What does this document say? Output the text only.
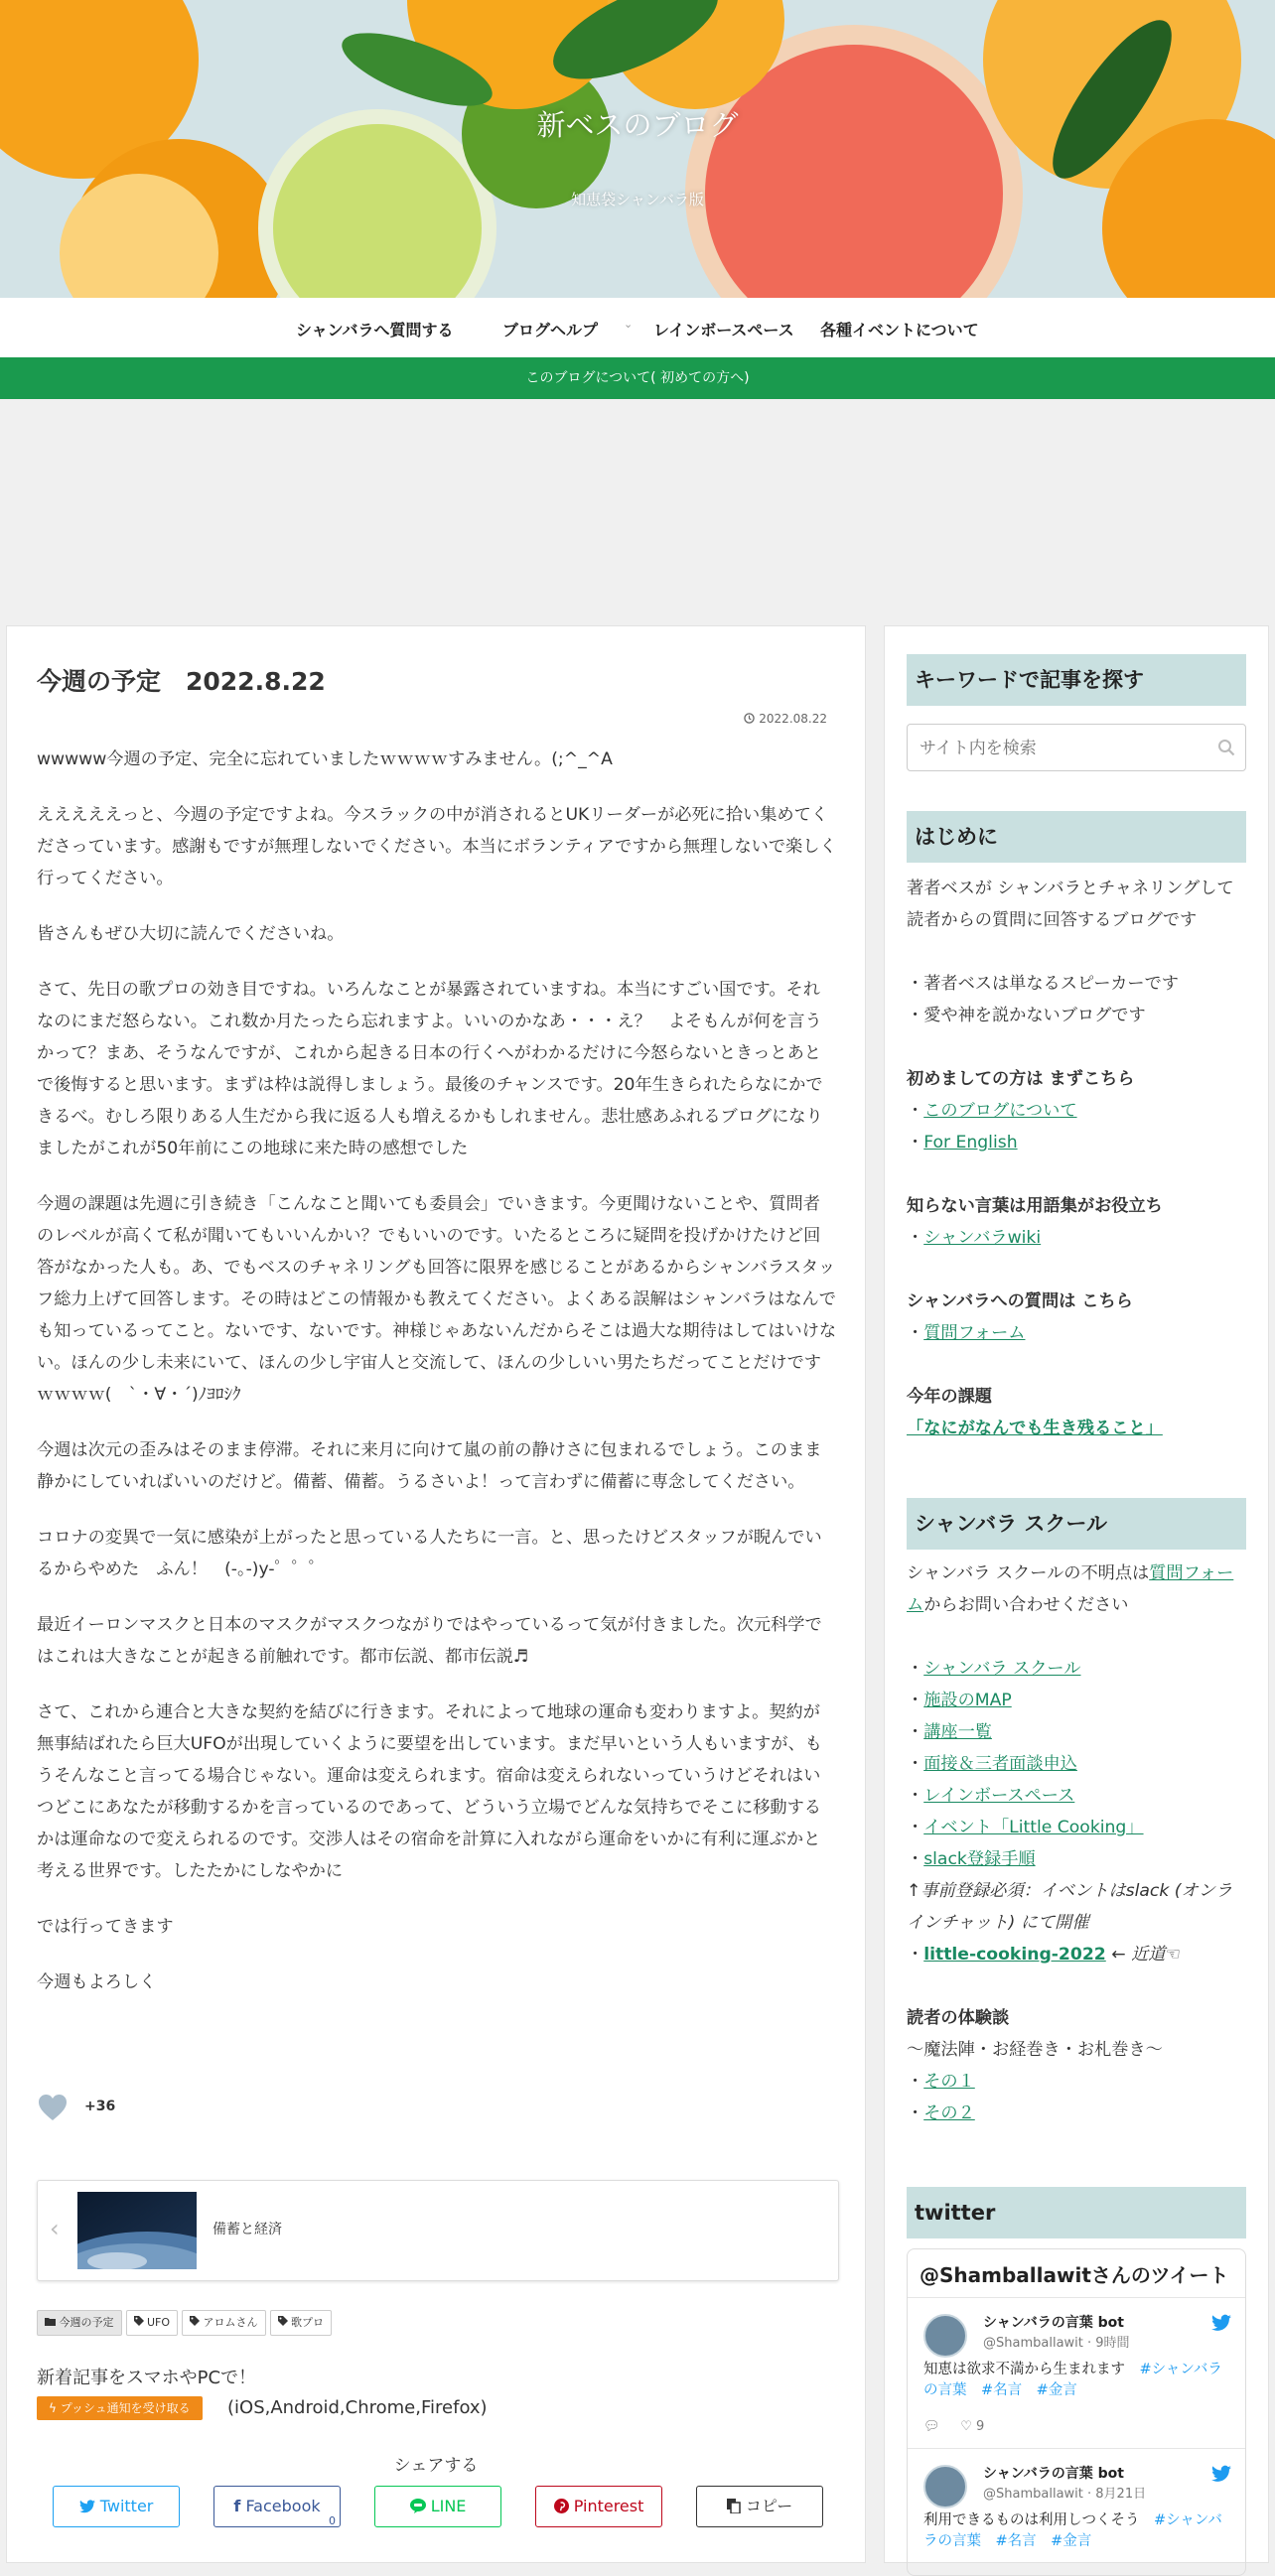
新ベスのブログ
知恵袋シャンバラ版
シャンバラへ質問する	ブログヘルプ ⌄ レインボースペース 各種イベントについて
このブログについて( 初めての方へ)
今週の予定　2022.8.22
2022.08.22

wwwww今週の予定、完全に忘れていましたｗｗｗｗすみません。(;^_^A

えええええっと、今週の予定ですよね。今スラックの中が消されるとUKリーダーが必死に拾い集めてくださっています。感謝もですが無理しないでください。本当にボランティアですから無理しないで楽しく行ってください。

皆さんもぜひ大切に読んでくださいね。

さて、先日の歌プロの効き目ですね。いろんなことが暴露されていますね。本当にすごい国です。それなのにまだ怒らない。これ数か月たったら忘れますよ。いいのかなあ・・・え？　よそもんが何を言うかって？まあ、そうなんですが、これから起きる日本の行くへがわかるだけに今怒らないときっとあとで後悔すると思います。まずは枠は説得しましょう。最後のチャンスです。20年生きられたらなにかできるべ。むしろ限りある人生だから我に返る人も増えるかもしれません。悲壮感あふれるブログになりましたがこれが50年前にこの地球に来た時の感想でした

今週の課題は先週に引き続き「こんなこと聞いても委員会」でいきます。今更聞けないことや、質問者のレベルが高くて私が聞いてもいいんかい？でもいいのです。いたるところに疑問を投げかけたけど回答がなかった人も。あ、でもベスのチャネリングも回答に限界を感じることがあるからシャンバラスタッフ総力上げて回答します。その時はどこの情報かも教えてください。よくある誤解はシャンバラはなんでも知っているってこと。ないです、ないです。神様じゃあないんだからそこは過大な期待はしてはいけない。ほんの少し未来にいて、ほんの少し宇宙人と交流して、ほんの少しいい男たちだってことだけですｗｗｗｗ(　`・∀・´)ﾉﾖﾛｼｸ

今週は次元の歪みはそのまま停滞。それに来月に向けて嵐の前の静けさに包まれるでしょう。このまま静かにしていればいいのだけど。備蓄、備蓄。うるさいよ！って言わずに備蓄に専念してください。

コロナの変異で一気に感染が上がったと思っている人たちに一言。と、思ったけどスタッフが睨んでいるからやめた　ふん！　(-｡-)y-゜゜゜

最近イーロンマスクと日本のマスクがマスクつながりではやっているって気が付きました。次元科学ではこれは大きなことが起きる前触れです。都市伝説、都市伝説♬

さて、これから連合と大きな契約を結びに行きます。それによって地球の運命も変わりますよ。契約が無事結ばれたら巨大UFOが出現していくように要望を出しています。まだ早いという人もいますが、もうそんなこと言ってる場合じゃない。運命は変えられます。宿命は変えられないっていうけどそれはいつどこにあなたが移動するかを言っているのであって、どういう立場でどんな気持ちでそこに移動するかは運命なので変えられるのです。交渉人はその宿命を計算に入れながら運命をいかに有利に運ぶかと考える世界です。したたかにしなやかに

では行ってきます

今週もよろしく

+36
‹	備蓄と経済
今週の予定	UFO	アロムさん	歌プロ
新着記事をスマホやPCで！
ϟ プッシュ通知を受け取る	(iOS,Android,Chrome,Firefox)
シェアする
Twitter	f Facebook
0
LINE	Pinterest	コピー
キーワードで記事を探す
サイト内を検索
はじめに
著者ベスが シャンバラとチャネリングして 読者からの質問に回答するブログです
・著者ベスは単なるスピーカーです
・愛や神を説かないブログです
初めましての方は まずこちら
・このブログについて
・For English
知らない言葉は用語集がお役立ち
・シャンバラwiki
シャンバラへの質問は こちら
・質問フォーム
今年の課題
「なにがなんでも生き残ること」
シャンバラ スクール
シャンバラ スクールの不明点は質問フォームからお問い合わせください
・シャンバラ スクール
・施設のMAP
・講座一覧
・面接＆三者面談申込
・レインボースペース
・イベント「Little Cooking」
・slack登録手順
↑事前登録必須：イベントはslack (オンラインチャット) にて開催
・little-cooking-2022 ← 近道☜
読者の体験談
〜魔法陣・お経巻き・お札巻き〜
・その１
・その２
twitter
@Shamballawitさんのツイート
シャンバラの言葉 bot
@Shamballawit · 9時間
知恵は欲求不満から生まれます　#シャンバラの言葉　#名言　#金言
💬︎ ♡ 9
シャンバラの言葉 bot
@Shamballawit · 8月21日
利用できるものは利用しつくそう　#シャンバラの言葉　#名言　#金言
